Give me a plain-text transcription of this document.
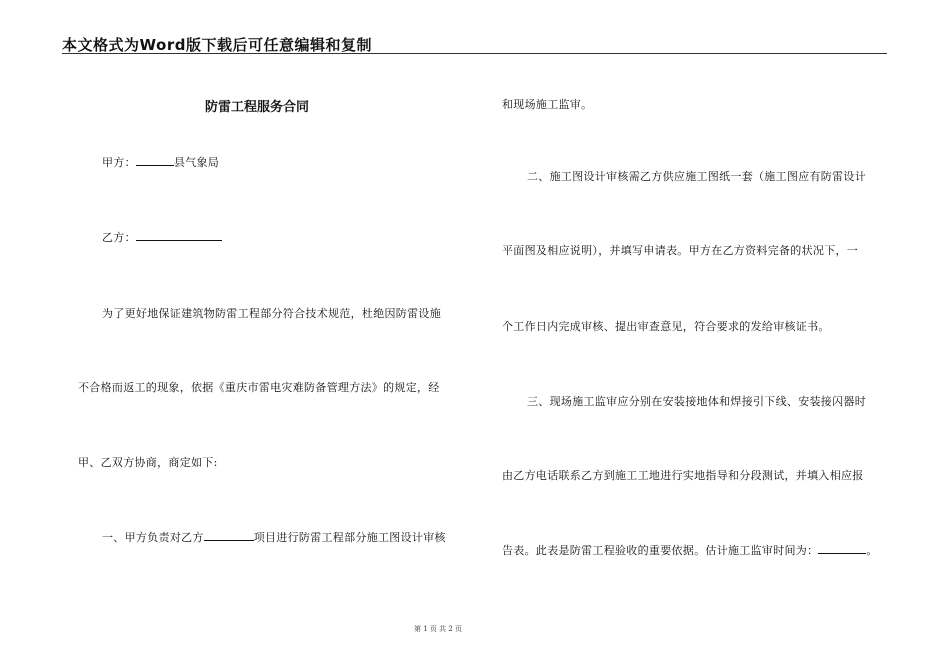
本文格式为Word版下载后可任意编辑和复制
防雷工程服务合同
甲方：	县气象局
乙方：
为了更好地保证建筑物防雷工程部分符合技术规范，杜绝因防雷设施
不合格而返工的现象，依据《重庆市雷电灾难防备管理方法》的规定，经
甲、乙双方协商，商定如下:
一、甲方负责对乙方	项目进行防雷工程部分施工图设计审核
和现场施工监审。
二、施工图设计审核需乙方供应施工图纸一套（施工图应有防雷设计
平面图及相应说明），并填写申请表。甲方在乙方资料完备的状况下，一
个工作日内完成审核、提出审查意见，符合要求的发给审核证书。
三、现场施工监审应分别在安装接地体和焊接引下线、安装接闪器时
由乙方电话联系乙方到施工工地进行实地指导和分段测试，并填入相应报
告表。此表是防雷工程验收的重要依据。估计施工监审时间为：	。
第 1 页 共 2 页
